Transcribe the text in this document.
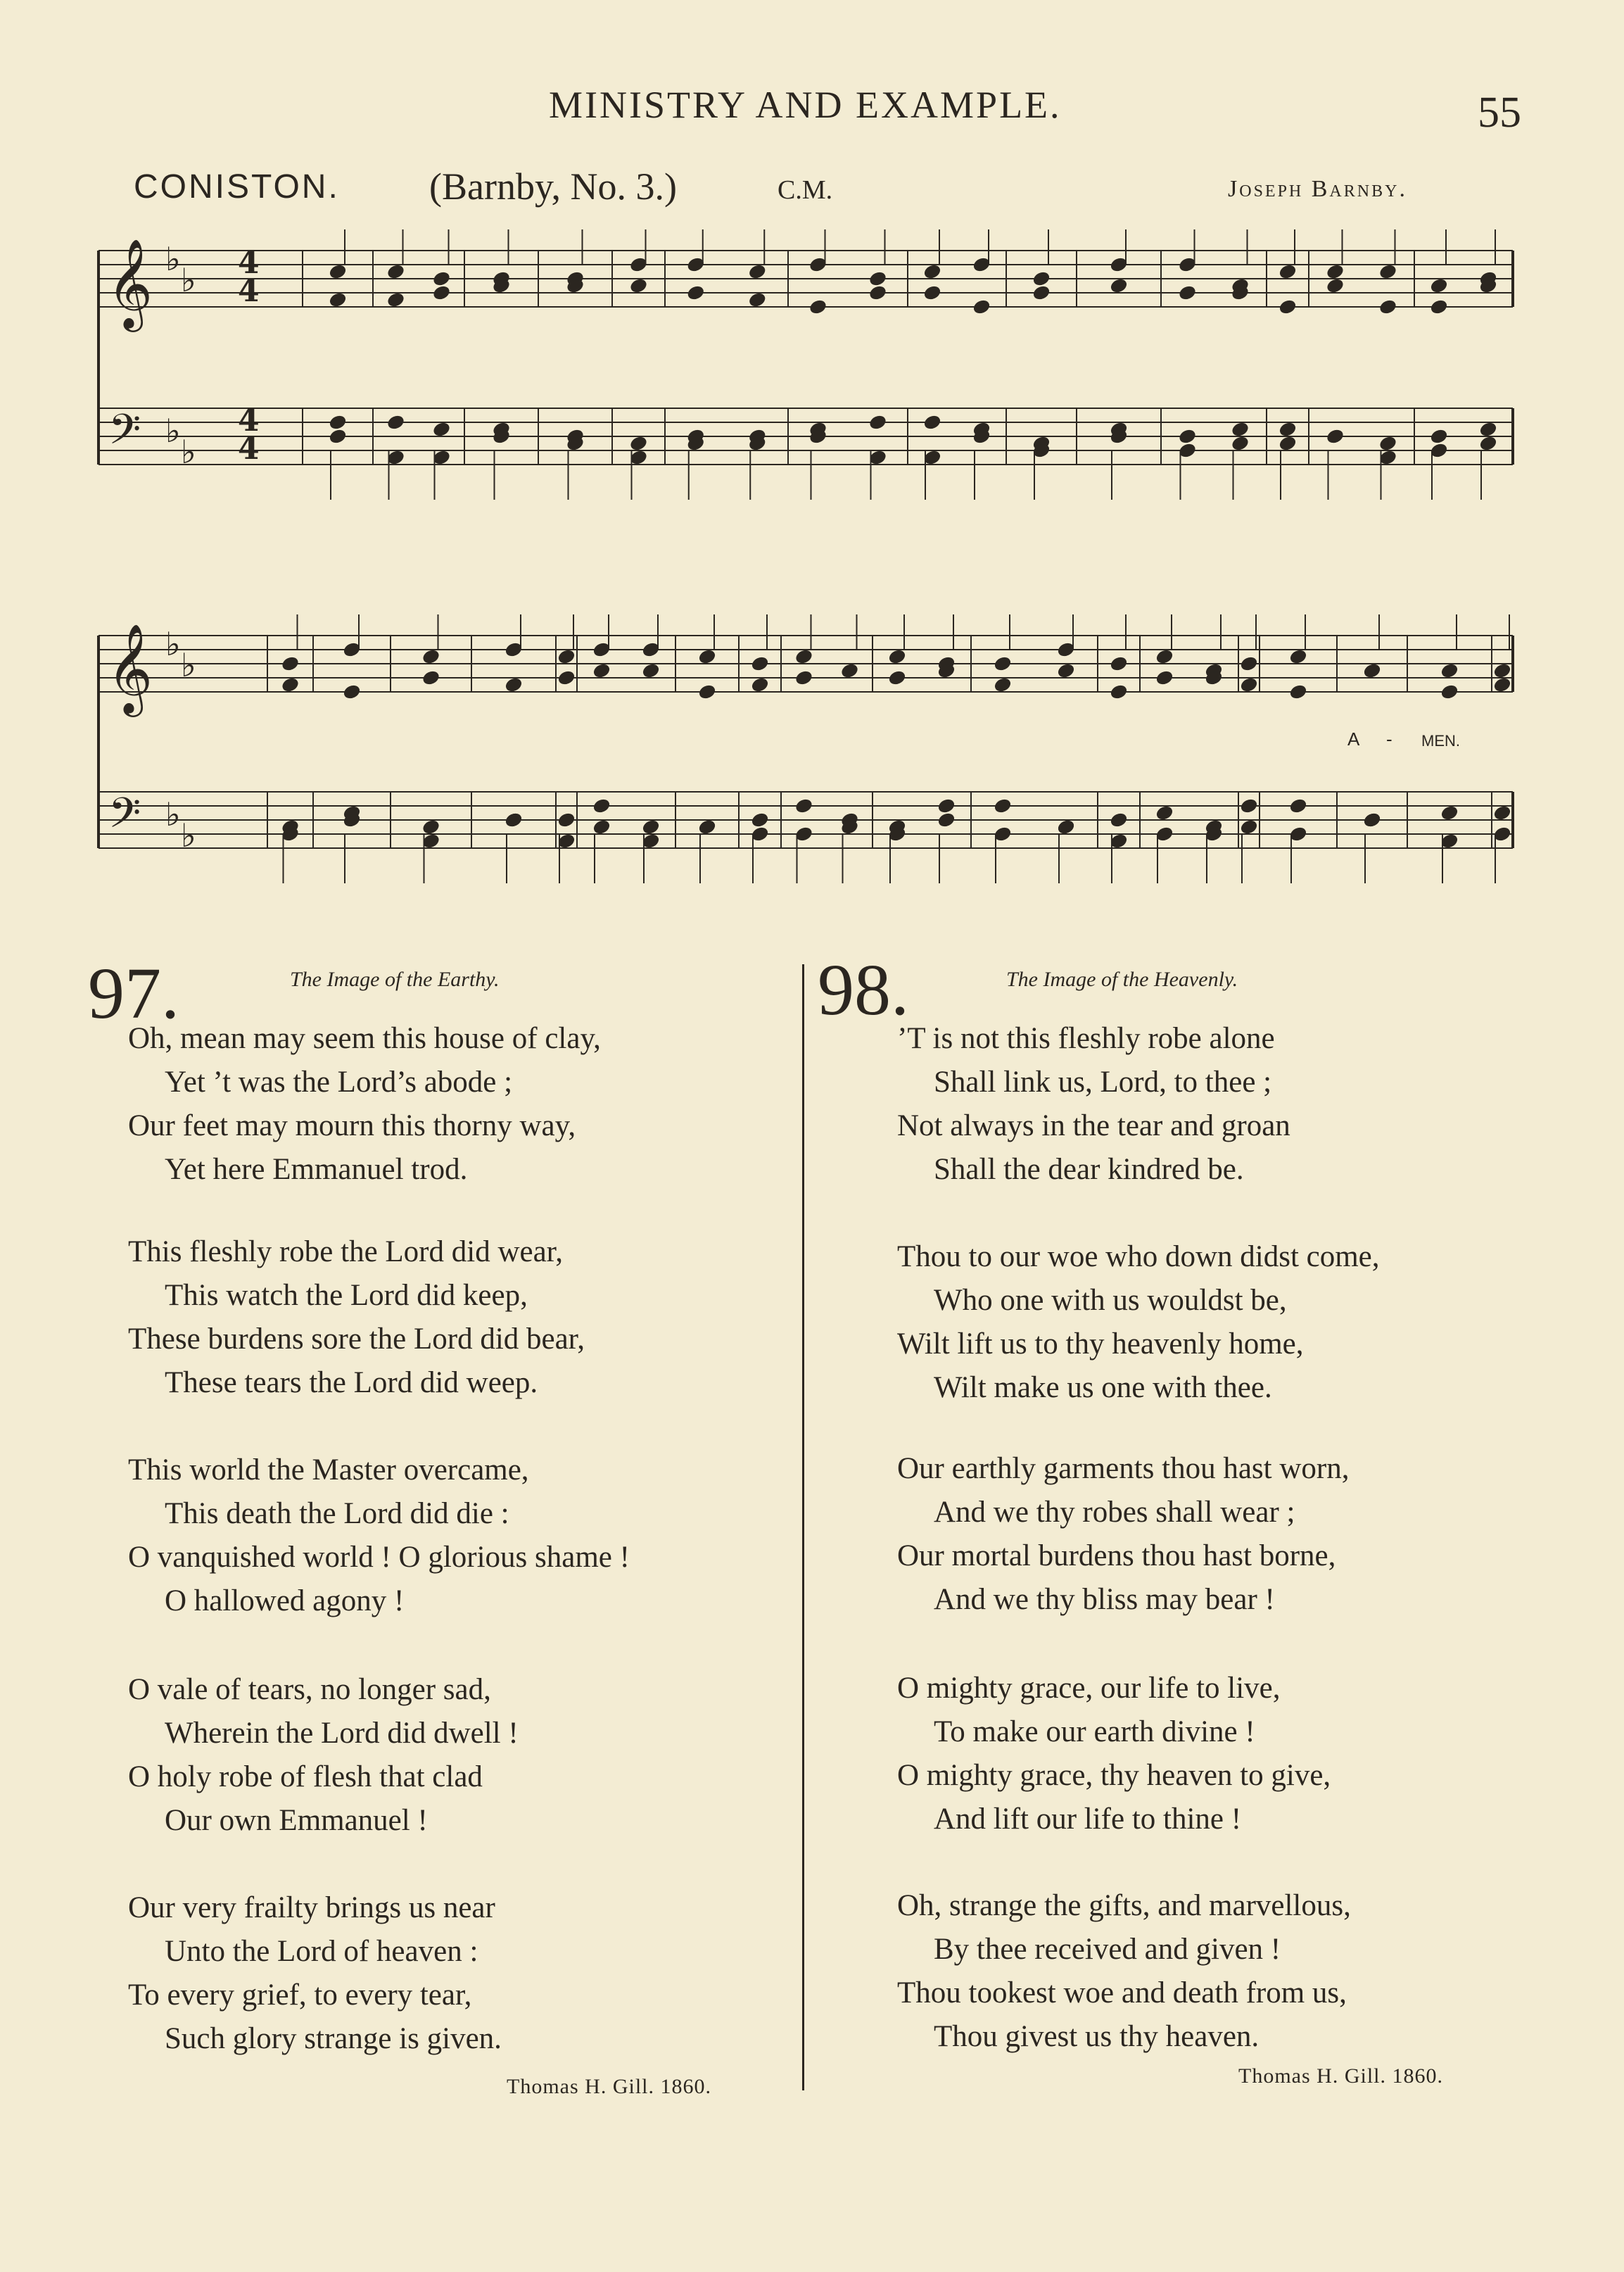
MINISTRY AND EXAMPLE.	55
CONISTON. (Barnby, No. 3.)	C.M.	Joseph Barnby.
4
4
4
4
𝄞
𝄢
♭
♭
♭
♭
𝄞
𝄢
♭
♭
♭
♭
A - MEN.
97.	The Image of the Earthy.
Oh, mean may seem this house of clay,
Yet ’t was the Lord’s abode ;
Our feet may mourn this thorny way,
Yet here Emmanuel trod.
This fleshly robe the Lord did wear,
This watch the Lord did keep,
These burdens sore the Lord did bear,
These tears the Lord did weep.
This world the Master overcame,
This death the Lord did die :
O vanquished world ! O glorious shame !
O hallowed agony !
O vale of tears, no longer sad,
Wherein the Lord did dwell !
O holy robe of flesh that clad
Our own Emmanuel !
Our very frailty brings us near
Unto the Lord of heaven :
To every grief, to every tear,
Such glory strange is given.
Thomas H. Gill. 1860.
98.	The Image of the Heavenly.
’T is not this fleshly robe alone
Shall link us, Lord, to thee ;
Not always in the tear and groan
Shall the dear kindred be.
Thou to our woe who down didst come,
Who one with us wouldst be,
Wilt lift us to thy heavenly home,
Wilt make us one with thee.
Our earthly garments thou hast worn,
And we thy robes shall wear ;
Our mortal burdens thou hast borne,
And we thy bliss may bear !
O mighty grace, our life to live,
To make our earth divine !
O mighty grace, thy heaven to give,
And lift our life to thine !
Oh, strange the gifts, and marvellous,
By thee received and given !
Thou tookest woe and death from us,
Thou givest us thy heaven.
Thomas H. Gill. 1860.
